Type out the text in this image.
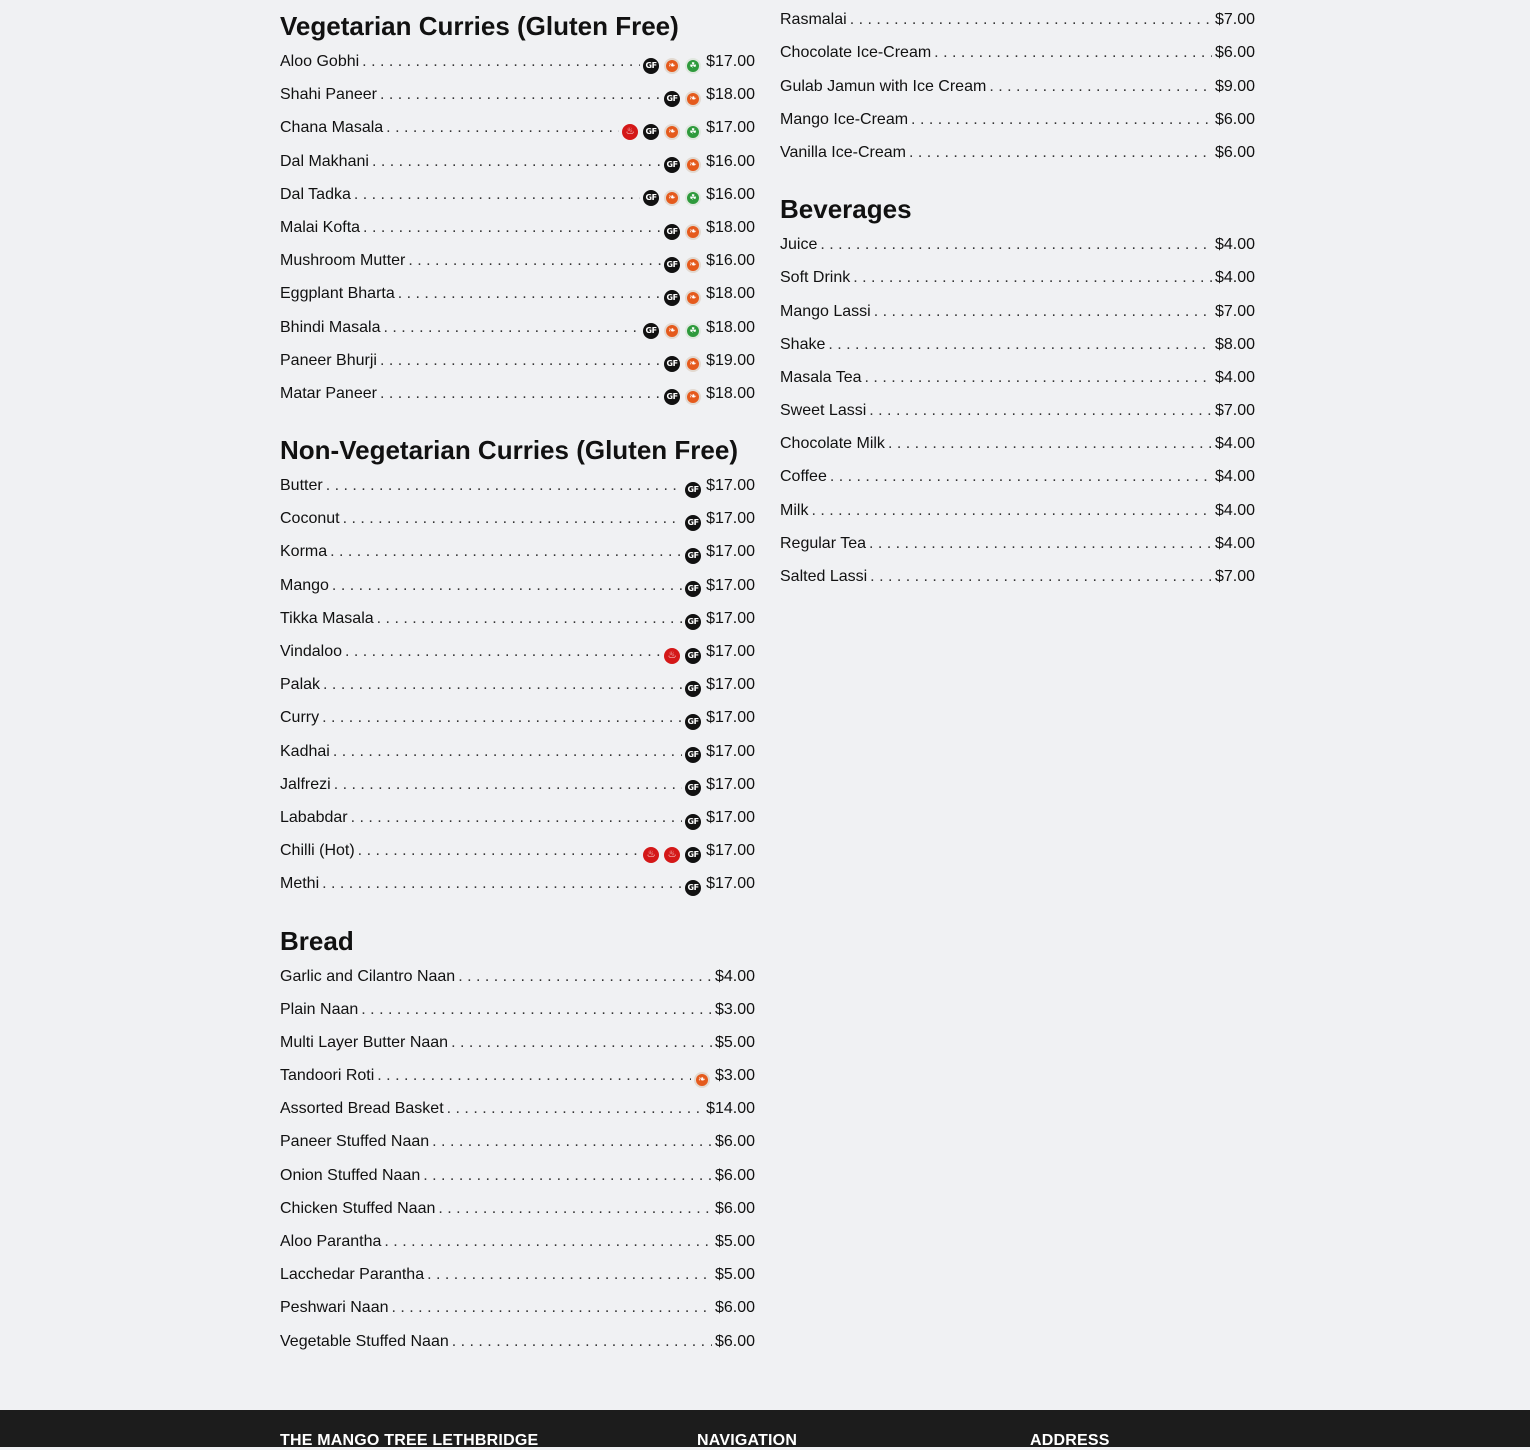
Vegetarian Curries (Gluten Free)
Aloo Gobhi . . .	GF ❧	☘ $17.00
Shahi Paneer . . .	GF ❧ $18.00
Chana Masala . . .	♨	GF ❧	☘ $17.00
Dal Makhani . . .	GF ❧ $16.00
Dal Tadka . . .	GF ❧	☘ $16.00
Malai Kofta . . .	GF ❧ $18.00
Mushroom Mutter . . .	GF ❧ $16.00
Eggplant Bharta . . .	GF ❧ $18.00
Bhindi Masala . . .	GF ❧	☘ $18.00
Paneer Bhurji . . .	GF ❧ $19.00
Matar Paneer . . .	GF ❧ $18.00
Non-Vegetarian Curries (Gluten Free)
Butter . . .	GF $17.00
Coconut . . .	GF $17.00
Korma . . .	GF $17.00
Mango . . .	GF $17.00
Tikka Masala . . .	GF $17.00
Vindaloo . . .	♨	GF $17.00
Palak . . .	GF $17.00
Curry . . .	GF $17.00
Kadhai . . .	GF $17.00
Jalfrezi . . .	GF $17.00
Lababdar . . .	GF $17.00
Chilli (Hot) . . .	♨	♨	GF $17.00
Methi . . .	GF $17.00
Bread
Garlic and Cilantro Naan . . .	$4.00
Plain Naan . . .	$3.00
Multi Layer Butter Naan . . .	$5.00
Tandoori Roti . . .	❧ $3.00
Assorted Bread Basket . . .	$14.00
Paneer Stuffed Naan . . .	$6.00
Onion Stuffed Naan . . .	$6.00
Chicken Stuffed Naan . . .	$6.00
Aloo Parantha . . .	$5.00
Lacchedar Parantha . . .	$5.00
Peshwari Naan . . .	$6.00
Vegetable Stuffed Naan . . .	$6.00
Rasmalai . . .	$7.00
Chocolate Ice-Cream . . .	$6.00
Gulab Jamun with Ice Cream . . .	$9.00
Mango Ice-Cream . . .	$6.00
Vanilla Ice-Cream . . .	$6.00
Beverages
Juice . . .	$4.00
Soft Drink . . .	$4.00
Mango Lassi . . .	$7.00
Shake . . .	$8.00
Masala Tea . . .	$4.00
Sweet Lassi . . .	$7.00
Chocolate Milk . . .	$4.00
Coffee . . .	$4.00
Milk . . .	$4.00
Regular Tea . . .	$4.00
Salted Lassi . . .	$7.00
THE MANGO TREE LETHBRIDGE	NAVIGATION	ADDRESS
